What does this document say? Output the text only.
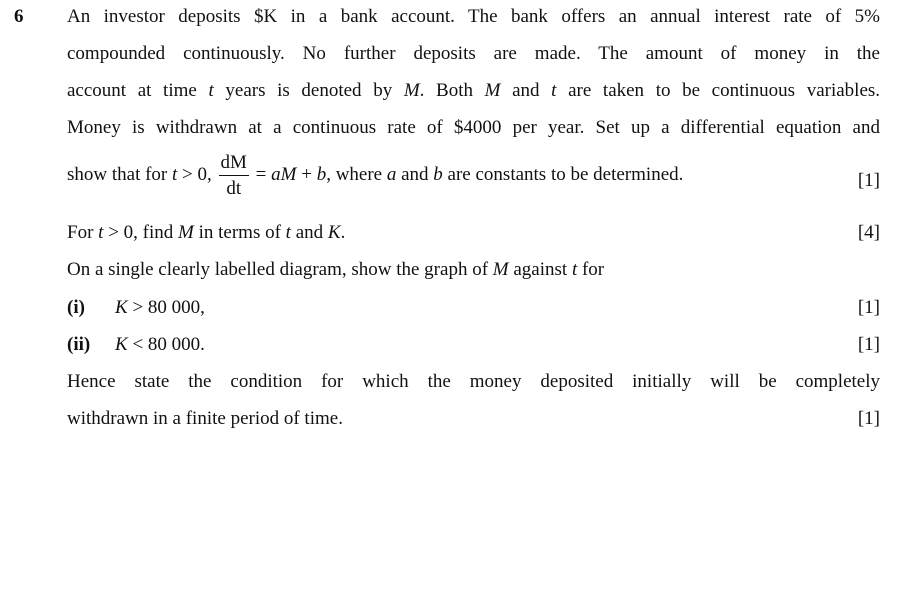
6 An investor deposits $K in a bank account. The bank offers an annual interest rate of 5%
compounded continuously. No further deposits are made. The amount of money in the
account at time t years is denoted by M. Both M and t are taken to be continuous variables.
Money is withdrawn at a continuous rate of $4000 per year. Set up a differential equation and
show that for t > 0, $\frac{dM}{dt}$ = aM + b, where a and b are constants to be determined.	[1]
For t > 0, find M in terms of t and K.	[4]
On a single clearly labelled diagram, show the graph of M against t for
(i) K > 80 000,	[1]
(ii) K < 80 000.	[1]
Hence state the condition for which the money deposited initially will be completely
withdrawn in a finite period of time.	[1]
